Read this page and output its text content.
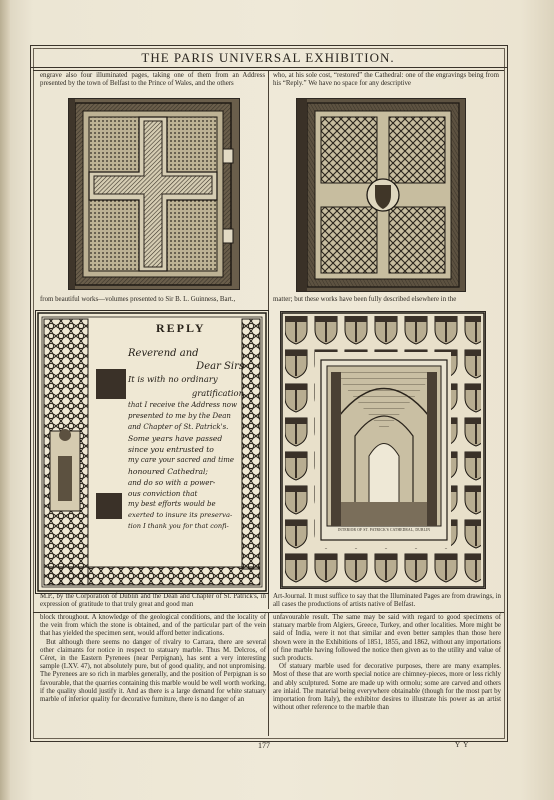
THE PARIS UNIVERSAL EXHIBITION.
engrave also four illuminated pages, taking one of them from an Address presented by the town of Belfast to the Prince of Wales, and the others
who, at his sole cost, “restored” the Cathedral: one of the engravings being from his “Reply.” We have no space for any descriptive
from beautiful works—volumes presented to Sir B. L. Guinness, Bart.,	matter; but these works have been fully described elsewhere in the
REPLY
Reverend and
Dear Sirs
It is with no ordinary
gratification
that I receive the Address now
presented to me by the Dean
and Chapter of St. Patrick's.
Some years have passed
since you entrusted to
my care your sacred and time
honoured Cathedral;
and do so with a power-
ous conviction that
my best efforts would be
exerted to insure its preserva-
tion I thank you for that confi-
INTERIOR OF ST. PATRICK'S CATHEDRAL, DUBLIN
M.P., by the Corporation of Dublin and the Dean and Chapter of St. Patrick's, in expression of gratitude to that truly great and good man
Art-Journal. It must suffice to say that the Illuminated Pages are from drawings, in all cases the productions of artists native of Belfast.
block throughout. A knowledge of the geological conditions, and the locality of the vein from which the stone is obtained, and of the particular part of the vein that has yielded the specimen sent, would afford better indications.
But although there seems no danger of rivalry to Carrara, there are several other claimants for notice in respect to statuary marble. Thus M. Delcros, of Céret, in the Eastern Pyrenees (near Perpignan), has sent a very interesting sample (LXV. 47), not absolutely pure, but of good quality, and not unpromising. The Pyrenees are so rich in marbles generally, and the position of Perpignan is so favourable, that the quarries containing this marble would be well worth working, if the quality should justify it. And as there is a large demand for white statuary marble of inferior quality for decorative furniture, there is no danger of an
unfavourable result. The same may be said with regard to good specimens of statuary marble from Algiers, Greece, Turkey, and other localities. More might be said of India, were it not that similar and even better samples than those here shown were in the Exhibitions of 1851, 1855, and 1862, without any importations of fine marble having followed the notice then given as to the utility and value of such products.
Of statuary marble used for decorative purposes, there are many examples. Most of these that are worth special notice are chimney-pieces, more or less richly and ably sculptured. Some are made up with ormolu; some are carved and others are inlaid. The material being everywhere obtainable (though for the most part by importation from Italy), the exhibitor desires to illustrate his power as an artist without other reference to the marble than
177	Y Y
